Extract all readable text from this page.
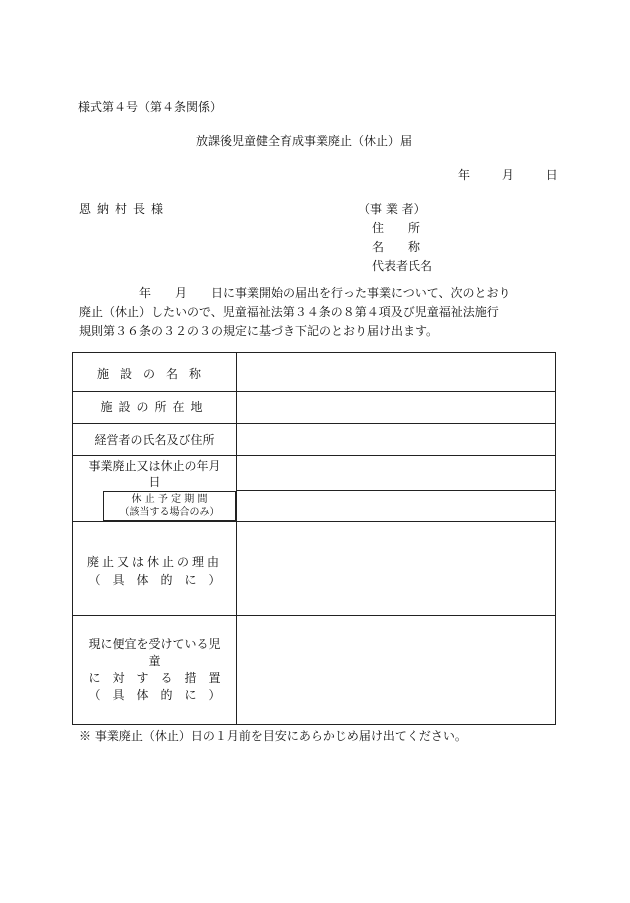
様式第４号（第４条関係）
放課後児童健全育成事業廃止（休止）届
年	月	日
恩納村長様	（事 業 者）
住　　所
名　　称
代表者氏名
　　年　　月　　日に事業開始の届出を行った事業について、次のとおり
廃止（休止）したいので、児童福祉法第３４条の８第４項及び児童福祉法施行
規則第３６条の３２の３の規定に基づき下記のとおり届け出ます。
施設の名称
施設の所在地
経営者の氏名及び住所
事業廃止又は休止の年月
日
休 止 予 定 期 間
（該当する場合のみ）
廃止又は休止の理由
（　具　体　的　に　）
現に便宜を受けている児
童
に　対　す　る　措　置
（　具　体　的　に　）
※ 事業廃止（休止）日の１月前を目安にあらかじめ届け出てください。
